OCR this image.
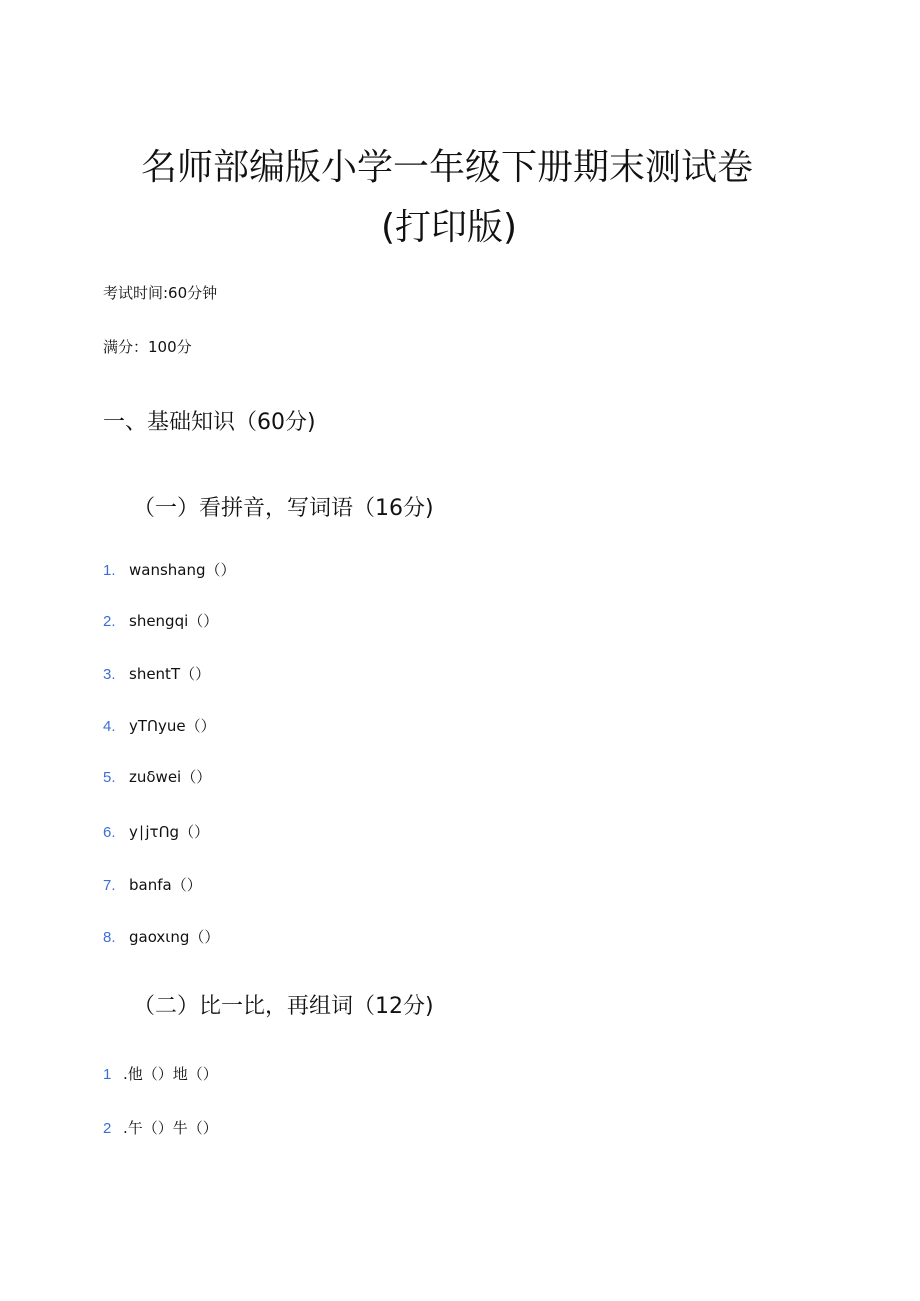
名师部编版小学一年级下册期末测试卷
(打印版)
考试时间:60分钟
满分：100分
一、基础知识（60分)
（一）看拼音，写词语（16分)
1. wanshang（）
2. shengqi（）
3. shentT（）
4. yTՈyue（）
5. zuδwei（）
6. y∣jτՈg（）
7. banfa（）
8. gaoxιng（）
（二）比一比，再组词（12分)
1 .他（）地（）
2 .午（）牛（）
